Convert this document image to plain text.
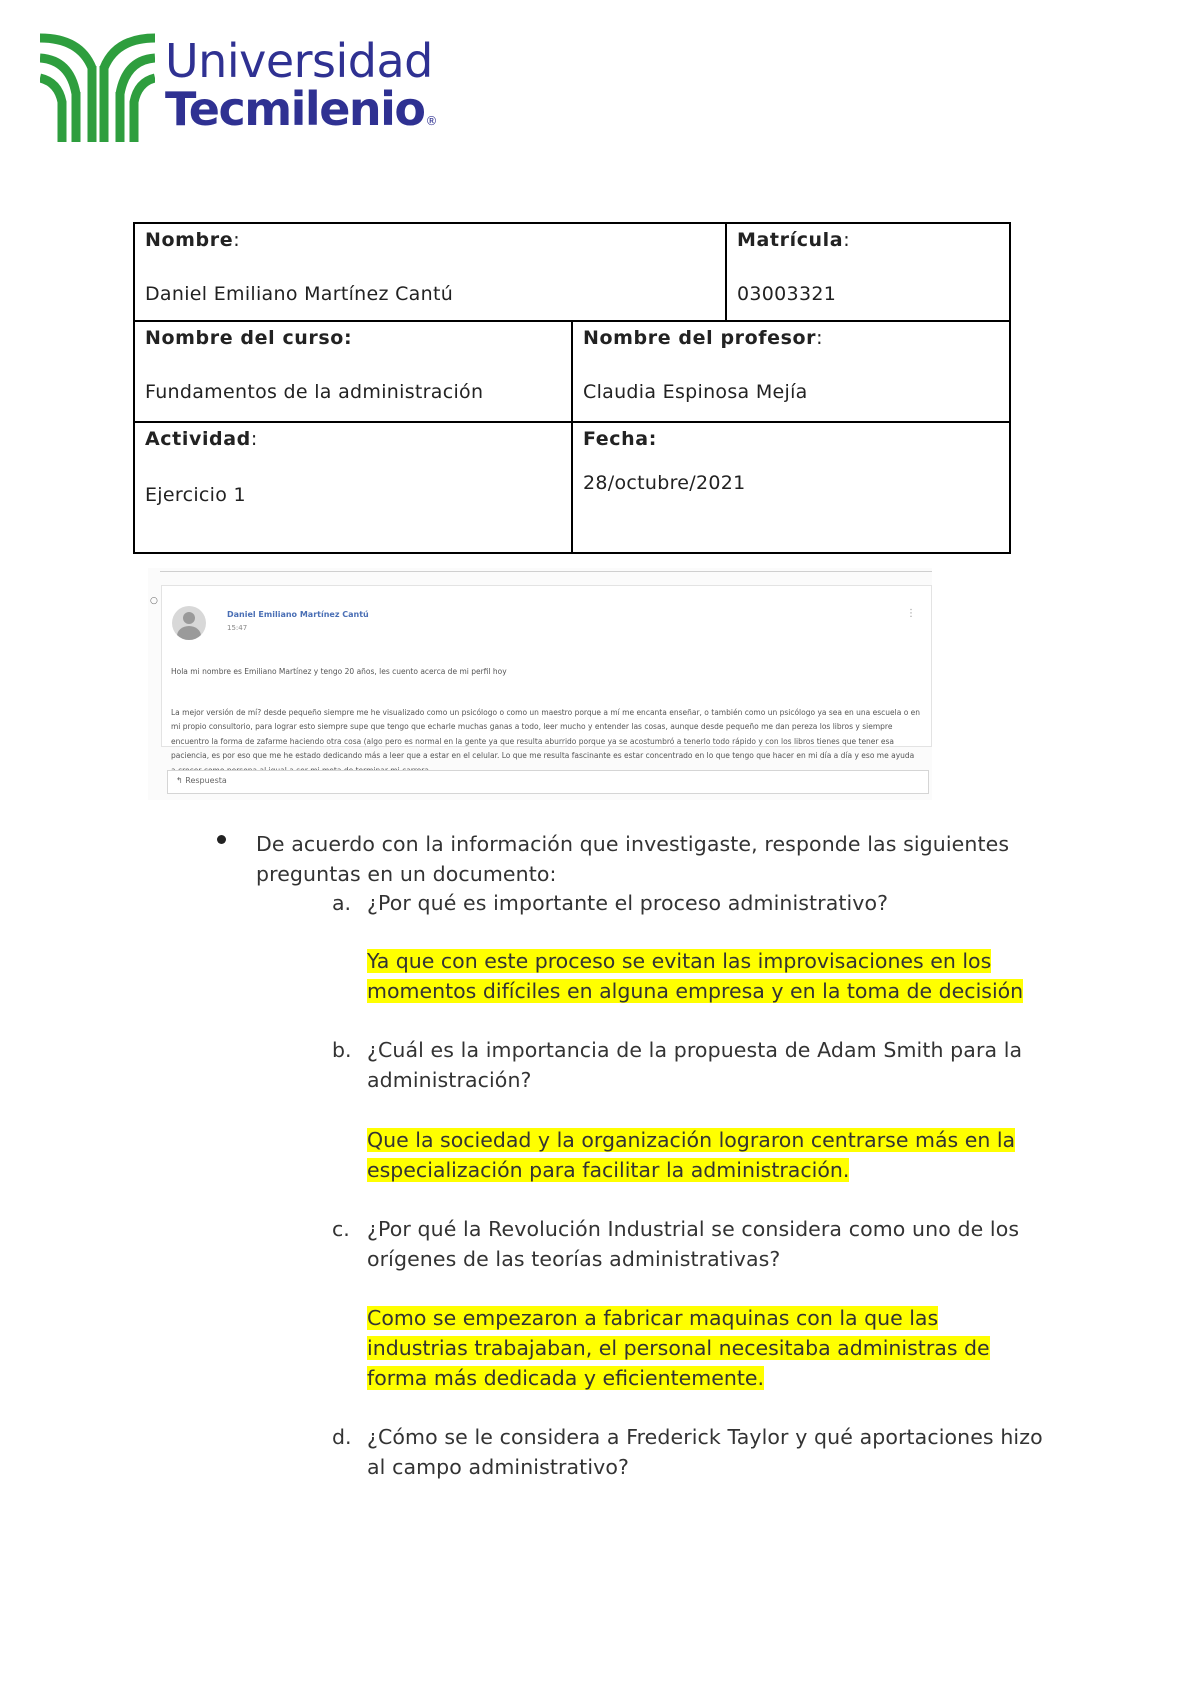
Universidad
Tecmilenio®
Nombre:
Daniel Emiliano Martínez Cantú
Matrícula:
03003321
Nombre del curso:
Fundamentos de la administración
Nombre del profesor:
Claudia Espinosa Mejía
Actividad:
Ejercicio 1
Fecha:
28/octubre/2021
○
Daniel Emiliano Martínez Cantú
15:47
⋮

Hola mi nombre es Emiliano Martínez y tengo 20 años, les cuento acerca de mi perfil hoy

La mejor versión de mí? desde pequeño siempre me he visualizado como un psicólogo o como un maestro porque a mí me encanta enseñar, o también como un psicólogo ya sea en una escuela o en mi propio consultorio, para lograr esto siempre supe que tengo que echarle muchas ganas a todo, leer mucho y entender las cosas, aunque desde pequeño me dan pereza los libros y siempre encuentro la forma de zafarme haciendo otra cosa (algo pero es normal en la gente ya que resulta aburrido porque ya se acostumbró a tenerlo todo rápido y con los libros tienes que tener esa paciencia, es por eso que me he estado dedicando más a leer que a estar en el celular. Lo que me resulta fascinante es estar concentrado en lo que tengo que hacer en mi día a día y eso me ayuda

↰ Respuesta
De acuerdo con la información que investigaste, responde las siguientes preguntas en un documento:
a. ¿Por qué es importante el proceso administrativo?
Ya que con este proceso se evitan las improvisaciones en los
momentos difíciles en alguna empresa y en la toma de decisión
b. ¿Cuál es la importancia de la propuesta de Adam Smith para la administración?
Que la sociedad y la organización lograron centrarse más en la
especialización para facilitar la administración.
c. ¿Por qué la Revolución Industrial se considera como uno de los orígenes de las teorías administrativas?
Como se empezaron a fabricar maquinas con la que las
industrias trabajaban, el personal necesitaba administras de
forma más dedicada y eficientemente.
d. ¿Cómo se le considera a Frederick Taylor y qué aportaciones hizo al campo administrativo?
